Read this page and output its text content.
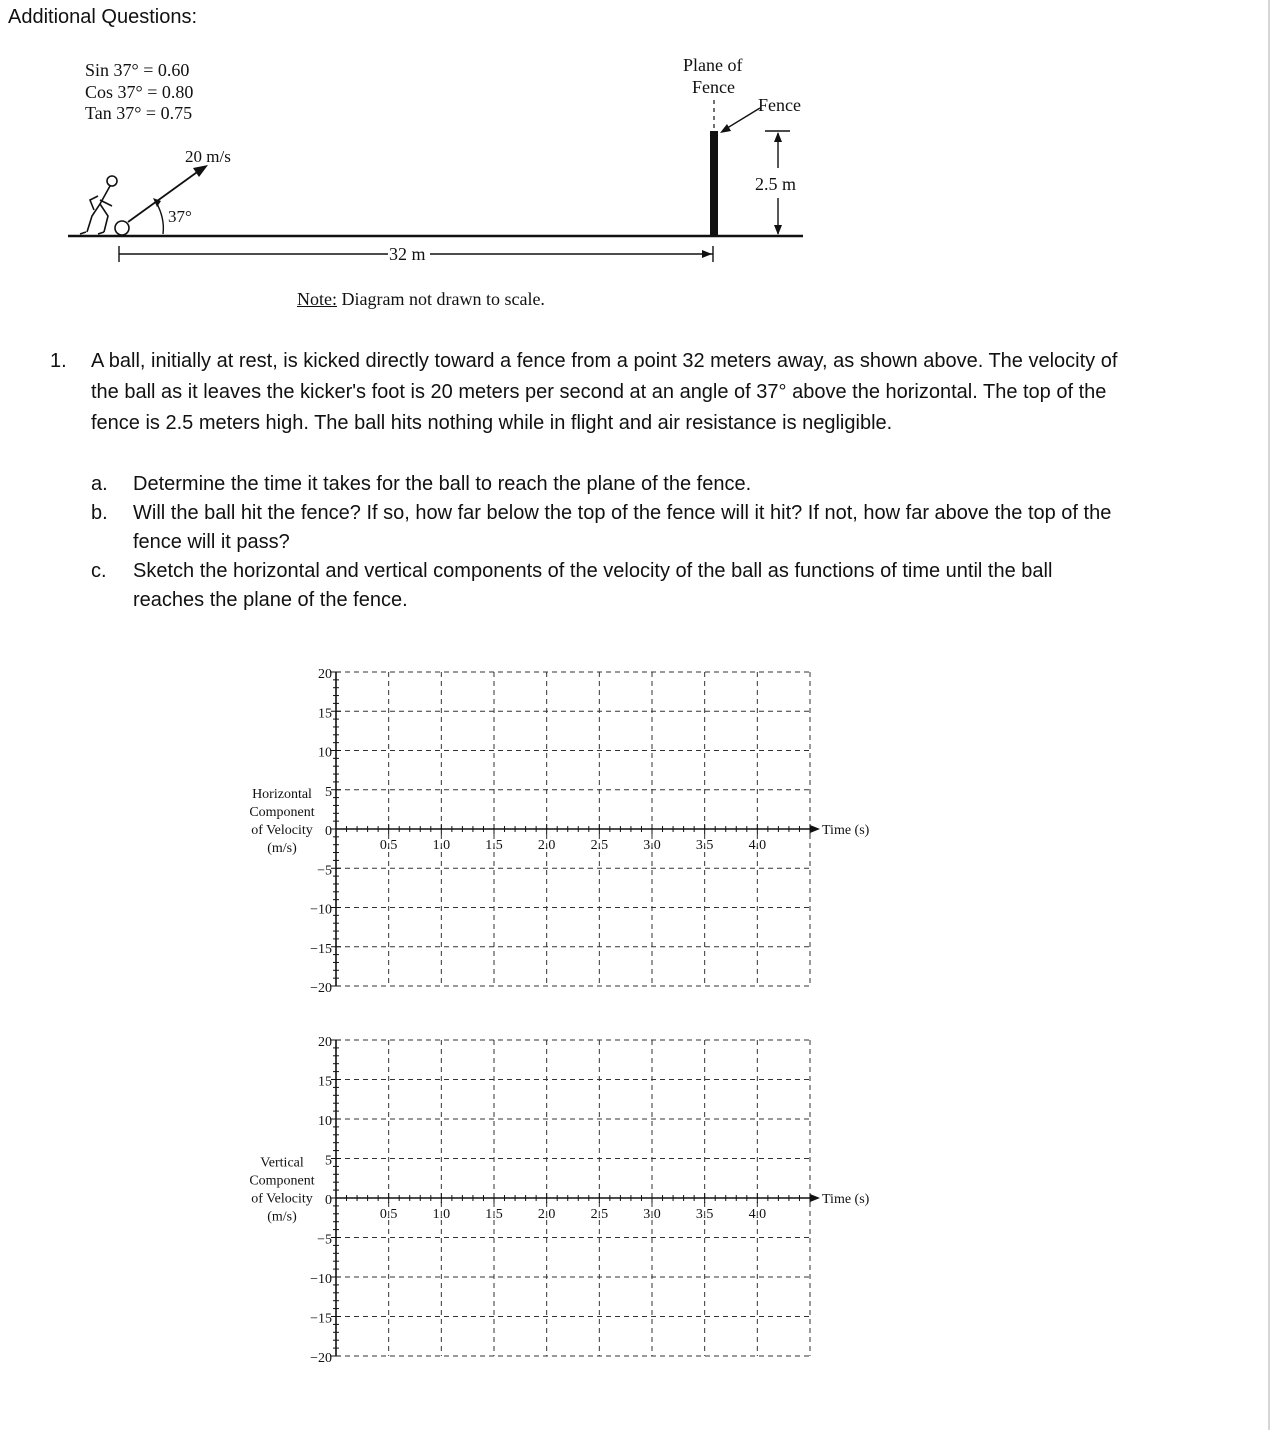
Additional Questions:
Sin 37° = 0.60
Cos 37° = 0.80
Tan 37° = 0.75
20 m/s
37°
32 m
Plane of
Fence
Fence
2.5 m
Note: Diagram not drawn to scale.
1. A ball, initially at rest, is kicked directly toward a fence from a point 32 meters away, as shown above. The velocity of the ball as it leaves the kicker's foot is 20 meters per second at an angle of 37° above the horizontal. The top of the fence is 2.5 meters high. The ball hits nothing while in flight and air resistance is negligible.
a. Determine the time it takes for the ball to reach the plane of the fence.
b. Will the ball hit the fence? If so, how far below the top of the fence will it hit? If not, how far above the top of the fence will it pass?
c. Sketch the horizontal and vertical components of the velocity of the ball as functions of time until the ball reaches the plane of the fence.
20
15
10
5
0
−5
−10
−15
−20
0.5	1.0	1.5	2.0	2.5	3.0	3.5	4.0
Time (s)
Horizontal
Component
of Velocity
(m/s)
20
15
10
5
0
−5
−10
−15
−20
0.5	1.0	1.5	2.0	2.5	3.0	3.5	4.0
Time (s)
Vertical
Component
of Velocity
(m/s)
